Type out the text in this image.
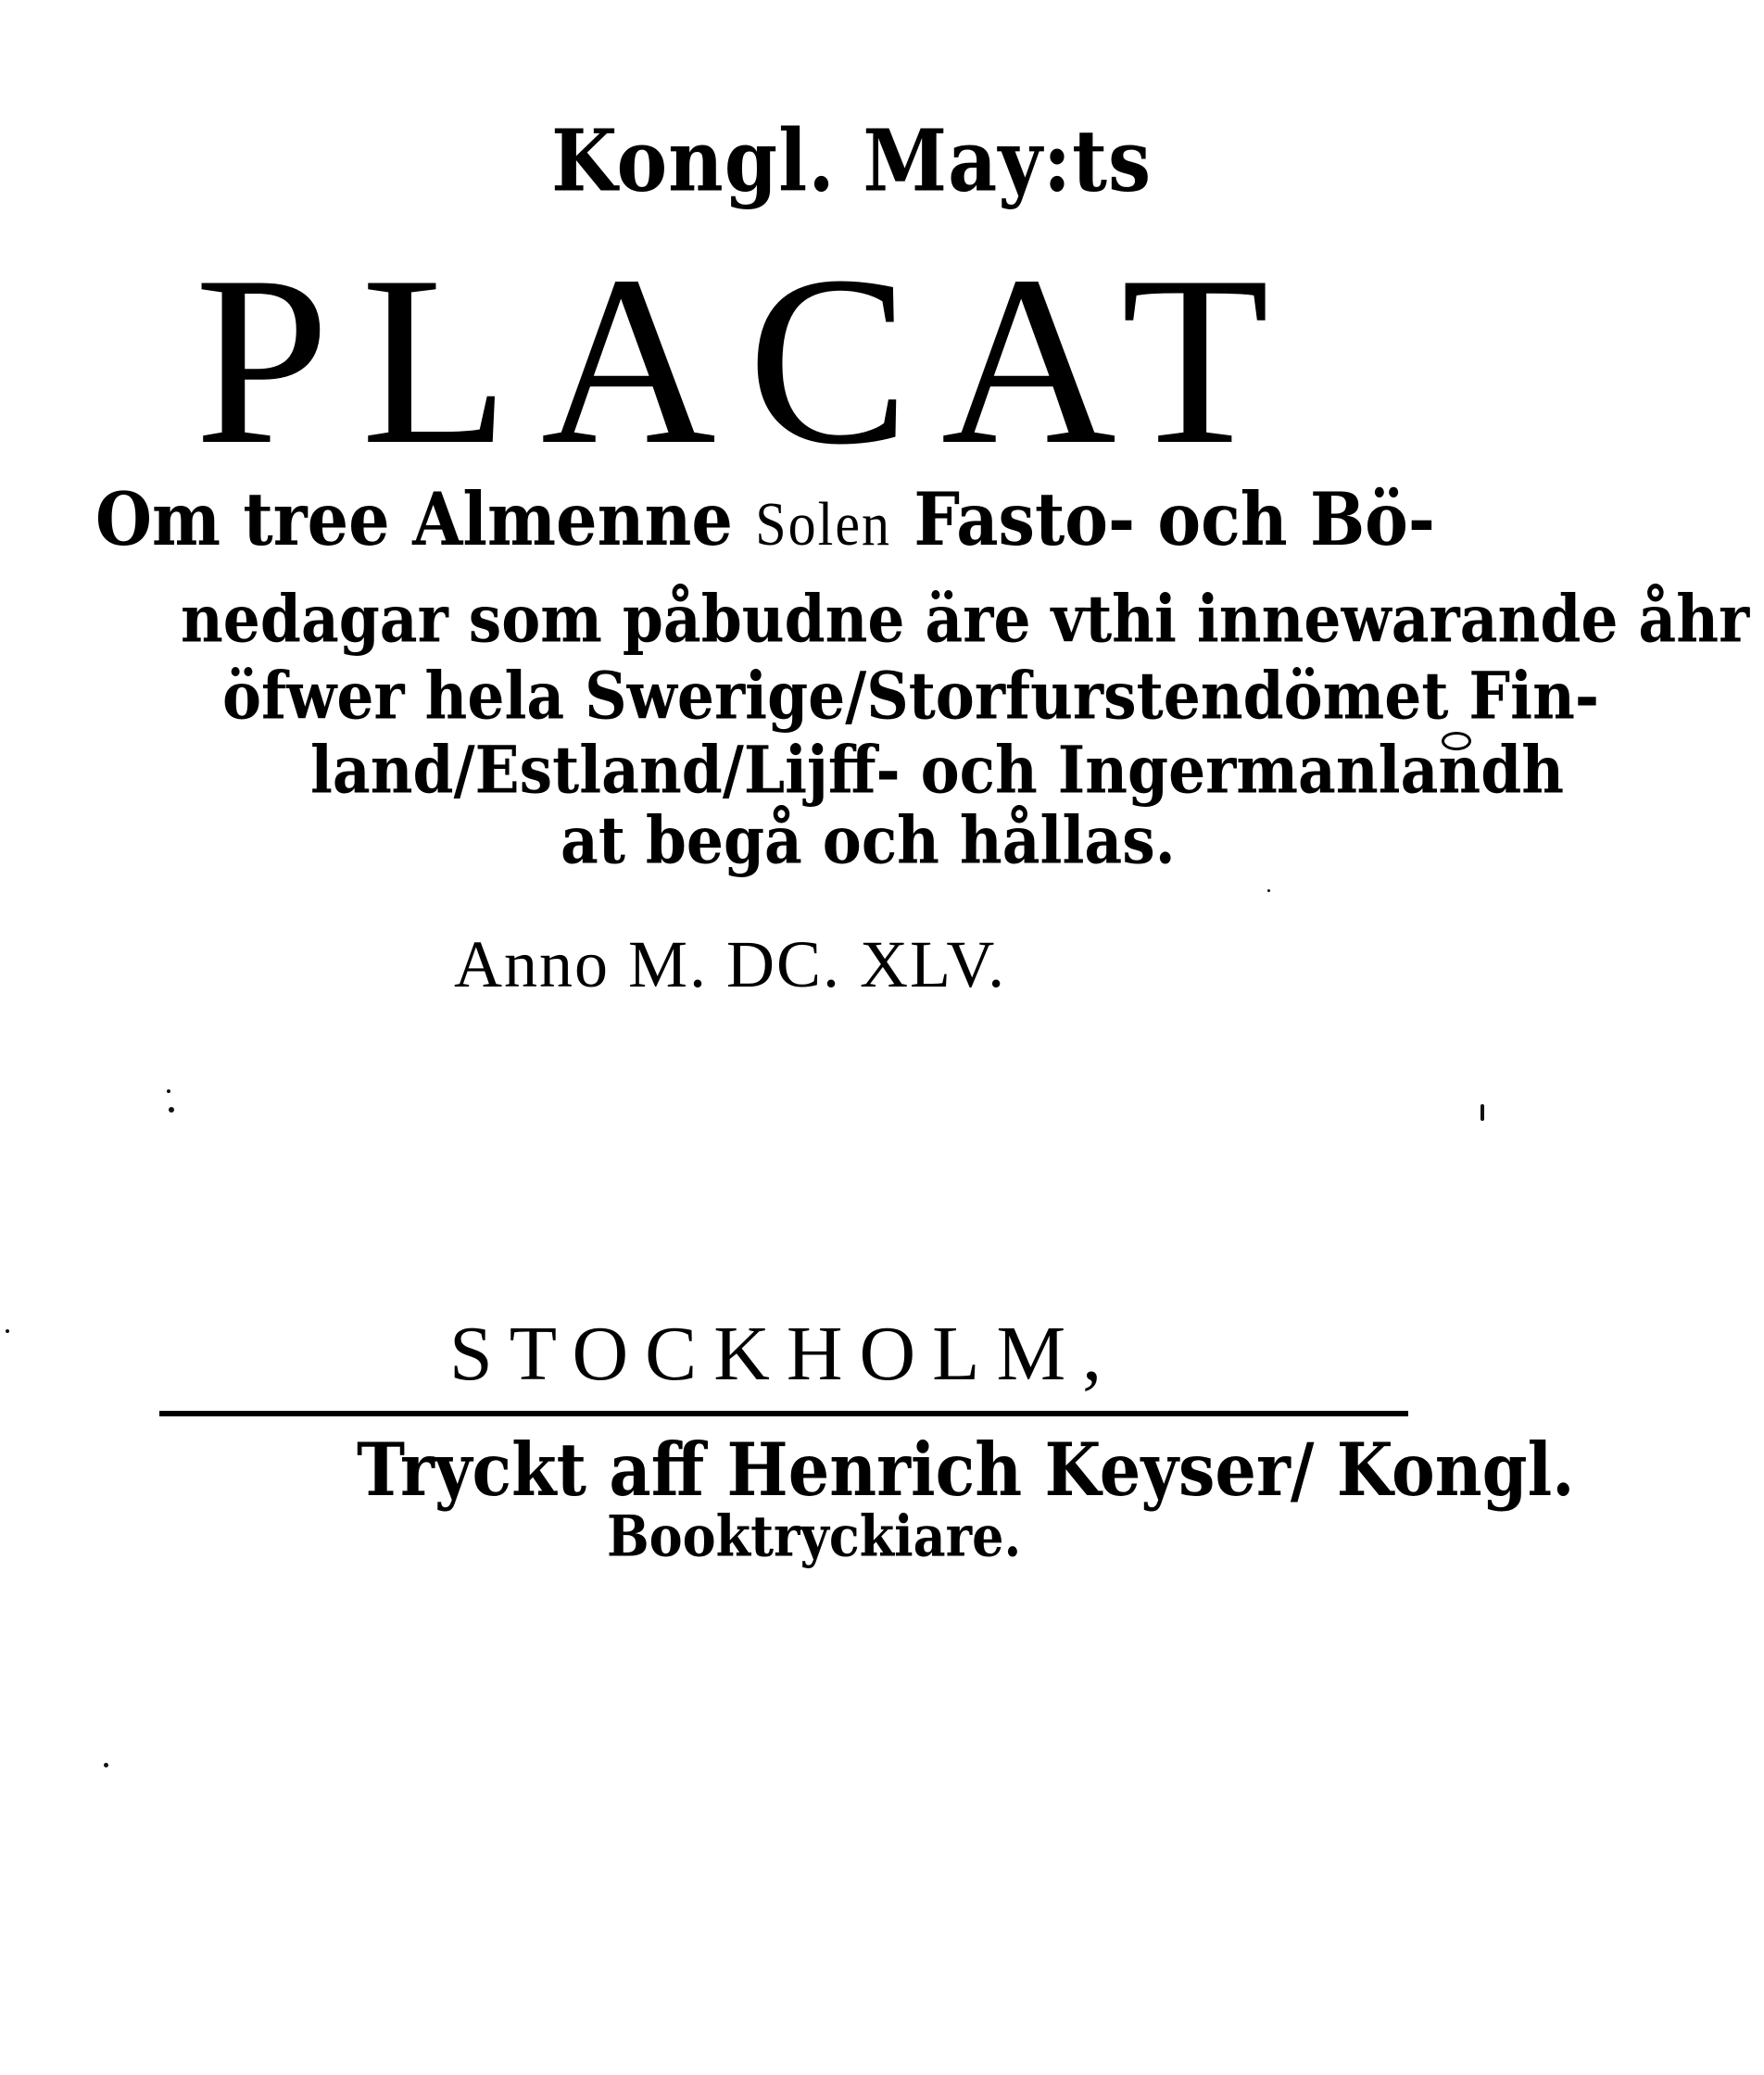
Kongl. May:ts
PLACAT
Om tree Almenne Solen Fasto- och Bö-
nedagar som påbudne äre vthi innewarande åhr
öfwer hela Swerige/Storfurstendömet Fin-
land/Estland/Lijff- och Ingermanlandh
at begå och hållas.
Anno M. DC. XLV.
STOCKHOLM,
Tryckt aff Henrich Keyser/ Kongl.
Booktryckiare.
